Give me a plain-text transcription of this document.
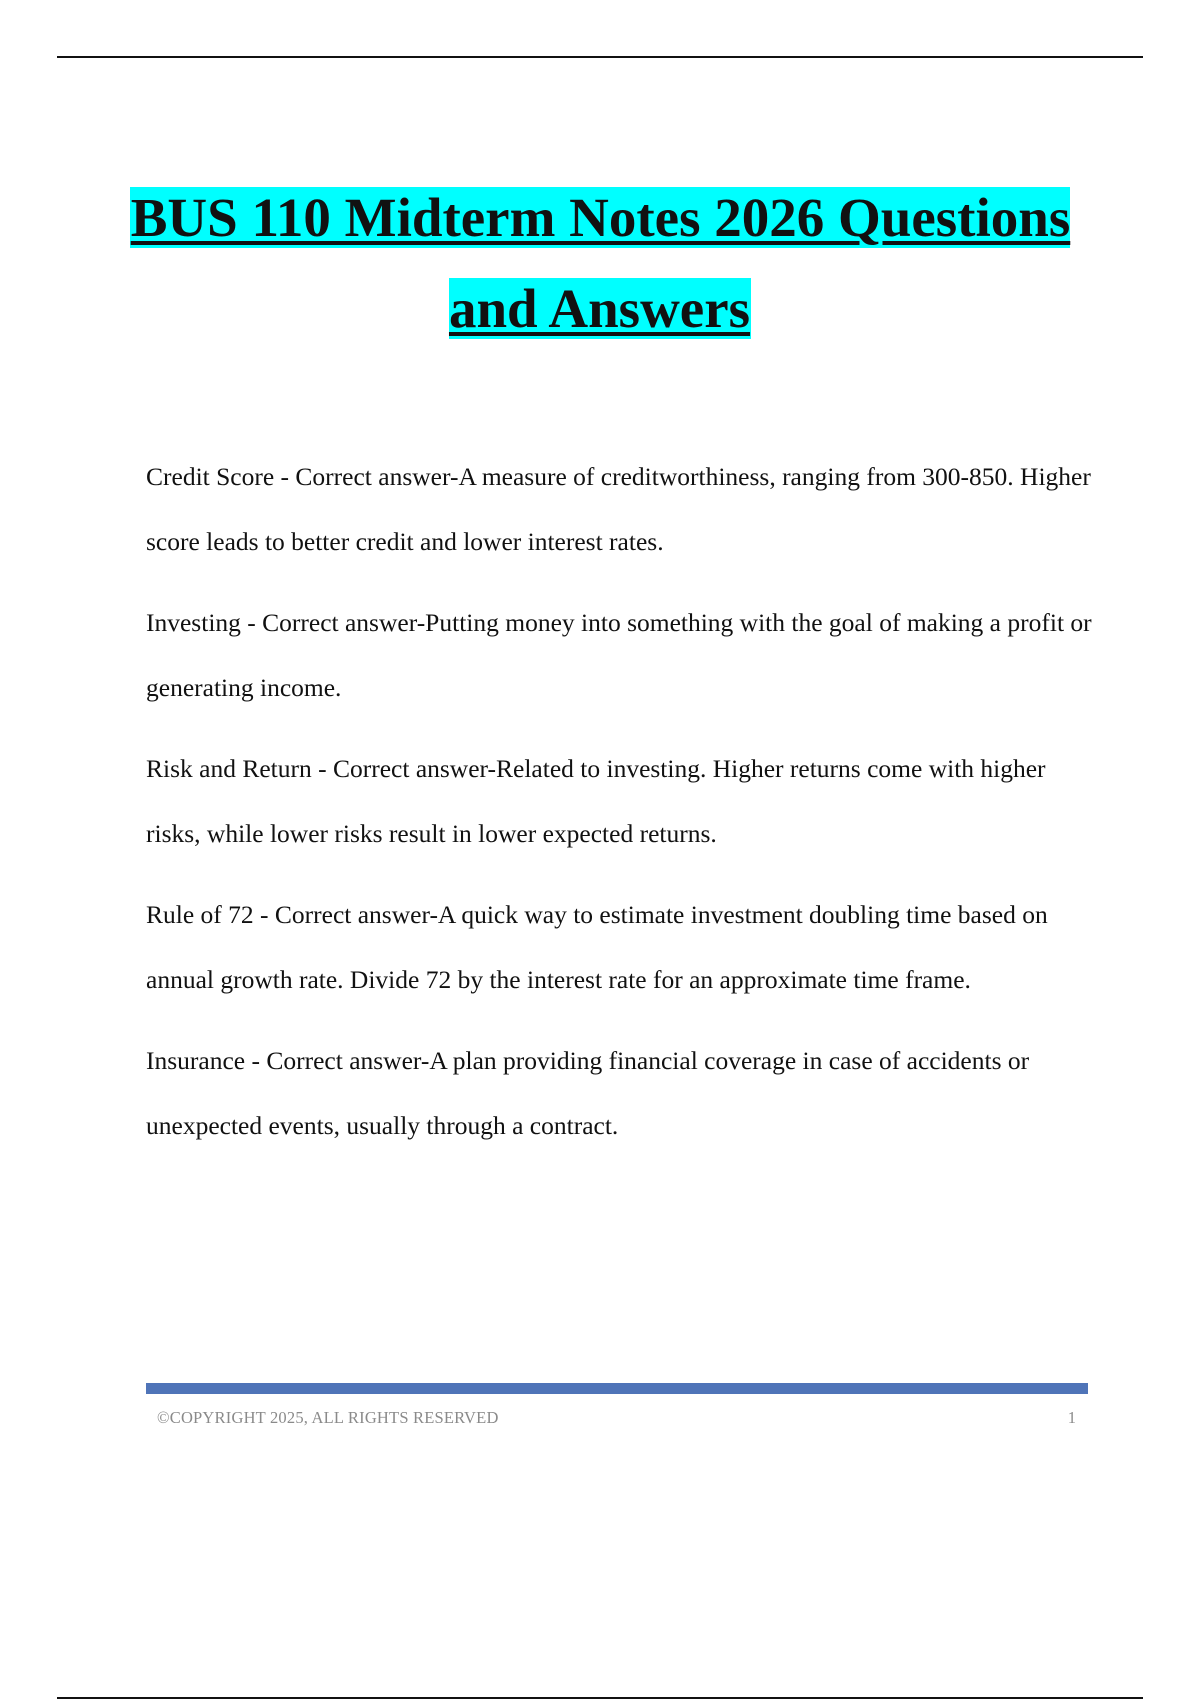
BUS 110 Midterm Notes 2026 Questions and Answers

Credit Score - Correct answer-A measure of creditworthiness, ranging from 300-850. Higher score leads to better credit and lower interest rates.

Investing - Correct answer-Putting money into something with the goal of making a profit or generating income.

Risk and Return - Correct answer-Related to investing. Higher returns come with higher risks, while lower risks result in lower expected returns.

Rule of 72 - Correct answer-A quick way to estimate investment doubling time based on annual growth rate. Divide 72 by the interest rate for an approximate time frame.

Insurance - Correct answer-A plan providing financial coverage in case of accidents or unexpected events, usually through a contract.

©COPYRIGHT 2025, ALL RIGHTS RESERVED	1
